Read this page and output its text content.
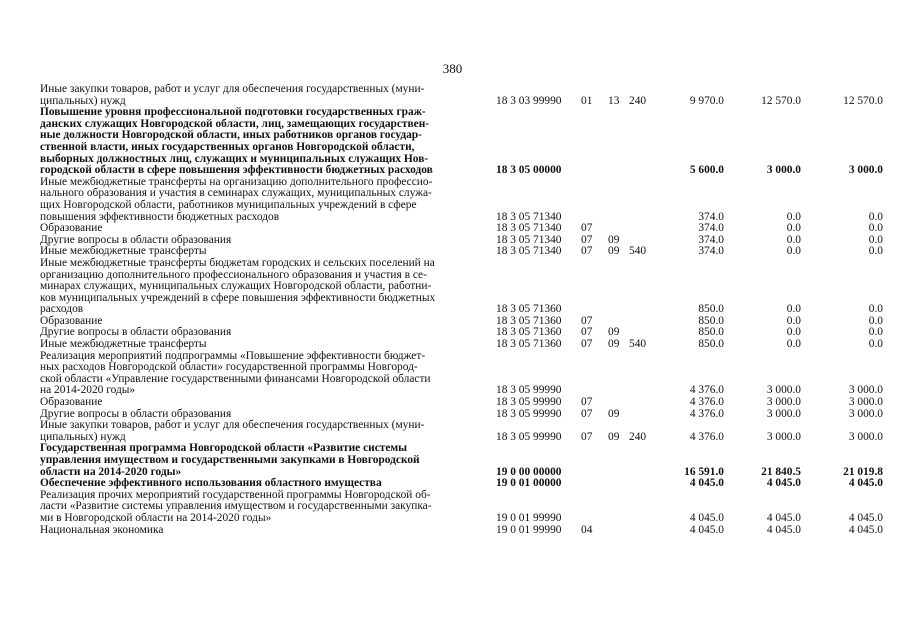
380
Иные закупки товаров, работ и услуг для обеспечения государственных (муни-
ципальных) нужд	18 3 03 99990 01 13 240	9 970.0	12 570.0	12 570.0
Повышение уровня профессиональной подготовки государственных граж-
данских служащих Новгородской области, лиц, замещающих государствен-
ные должности Новгородской области, иных работников органов государ-
ственной власти, иных государственных органов Новгородской области,
выборных должностных лиц, служащих и муниципальных служащих Нов-
городской области в сфере повышения эффективности бюджетных расходов	18 3 05 00000	5 600.0	3 000.0	3 000.0
Иные межбюджетные трансферты на организацию дополнительного профессио-
нального образования и участия в семинарах служащих, муниципальных служа-
щих Новгородской области, работников муниципальных учреждений в сфере
повышения эффективности бюджетных расходов	18 3 05 71340	374.0	0.0	0.0
Образование	18 3 05 71340 07	374.0	0.0	0.0
Другие вопросы в области образования	18 3 05 71340 07 09	374.0	0.0	0.0
Иные межбюджетные трансферты	18 3 05 71340 07 09 540	374.0	0.0	0.0
Иные межбюджетные трансферты бюджетам городских и сельских поселений на
организацию дополнительного профессионального образования и участия в се-
минарах служащих, муниципальных служащих Новгородской области, работни-
ков муниципальных учреждений в сфере повышения эффективности бюджетных
расходов	18 3 05 71360	850.0	0.0	0.0
Образование	18 3 05 71360 07	850.0	0.0	0.0
Другие вопросы в области образования	18 3 05 71360 07 09	850.0	0.0	0.0
Иные межбюджетные трансферты	18 3 05 71360 07 09 540	850.0	0.0	0.0
Реализация мероприятий подпрограммы «Повышение эффективности бюджет-
ных расходов Новгородской области» государственной программы Новгород-
ской области «Управление государственными финансами Новгородской области
на 2014-2020 годы»	18 3 05 99990	4 376.0	3 000.0	3 000.0
Образование	18 3 05 99990 07	4 376.0	3 000.0	3 000.0
Другие вопросы в области образования	18 3 05 99990 07 09	4 376.0	3 000.0	3 000.0
Иные закупки товаров, работ и услуг для обеспечения государственных (муни-
ципальных) нужд	18 3 05 99990 07 09 240	4 376.0	3 000.0	3 000.0
Государственная программа Новгородской области «Развитие системы
управления имуществом и государственными закупками в Новгородской
области на 2014-2020 годы»	19 0 00 00000	16 591.0	21 840.5	21 019.8
Обеспечение эффективного использования областного имущества	19 0 01 00000	4 045.0	4 045.0	4 045.0
Реализация прочих мероприятий государственной программы Новгородской об-
ласти «Развитие системы управления имуществом и государственными закупка-
ми в Новгородской области на 2014-2020 годы»	19 0 01 99990	4 045.0	4 045.0	4 045.0
Национальная экономика	19 0 01 99990 04	4 045.0	4 045.0	4 045.0
